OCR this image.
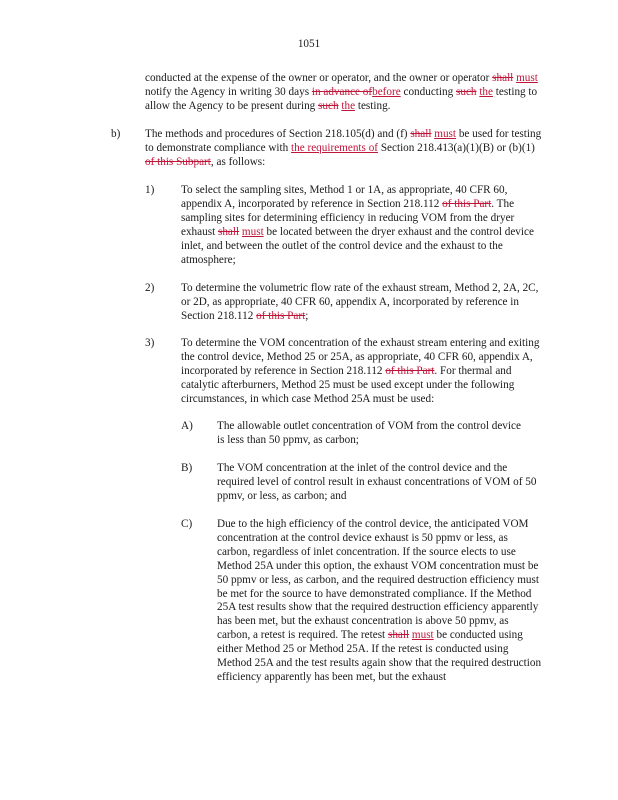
1051

conducted at the expense of the owner or operator, and the owner or operator shall must notify the Agency in writing 30 days in advance ofbefore conducting such the testing to allow the Agency to be present during such the testing.

b) The methods and procedures of Section 218.105(d) and (f) shall must be used for testing to demonstrate compliance with the requirements of Section 218.413(a)(1)(B) or (b)(1) of this Subpart, as follows:

1) To select the sampling sites, Method 1 or 1A, as appropriate, 40 CFR 60, appendix A, incorporated by reference in Section 218.112 of this Part. The sampling sites for determining efficiency in reducing VOM from the dryer exhaust shall must be located between the dryer exhaust and the control device inlet, and between the outlet of the control device and the exhaust to the atmosphere;

2) To determine the volumetric flow rate of the exhaust stream, Method 2, 2A, 2C, or 2D, as appropriate, 40 CFR 60, appendix A, incorporated by reference in Section 218.112 of this Part;

3) To determine the VOM concentration of the exhaust stream entering and exiting the control device, Method 25 or 25A, as appropriate, 40 CFR 60, appendix A, incorporated by reference in Section 218.112 of this Part. For thermal and catalytic afterburners, Method 25 must be used except under the following circumstances, in which case Method 25A must be used:

A) The allowable outlet concentration of VOM from the control device is less than 50 ppmv, as carbon;

B) The VOM concentration at the inlet of the control device and the required level of control result in exhaust concentrations of VOM of 50 ppmv, or less, as carbon; and

C) Due to the high efficiency of the control device, the anticipated VOM concentration at the control device exhaust is 50 ppmv or less, as carbon, regardless of inlet concentration. If the source elects to use Method 25A under this option, the exhaust VOM concentration must be 50 ppmv or less, as carbon, and the required destruction efficiency must be met for the source to have demonstrated compliance. If the Method 25A test results show that the required destruction efficiency apparently has been met, but the exhaust concentration is above 50 ppmv, as carbon, a retest is required. The retest shall must be conducted using either Method 25 or Method 25A. If the retest is conducted using Method 25A and the test results again show that the required destruction efficiency apparently has been met, but the exhaust
